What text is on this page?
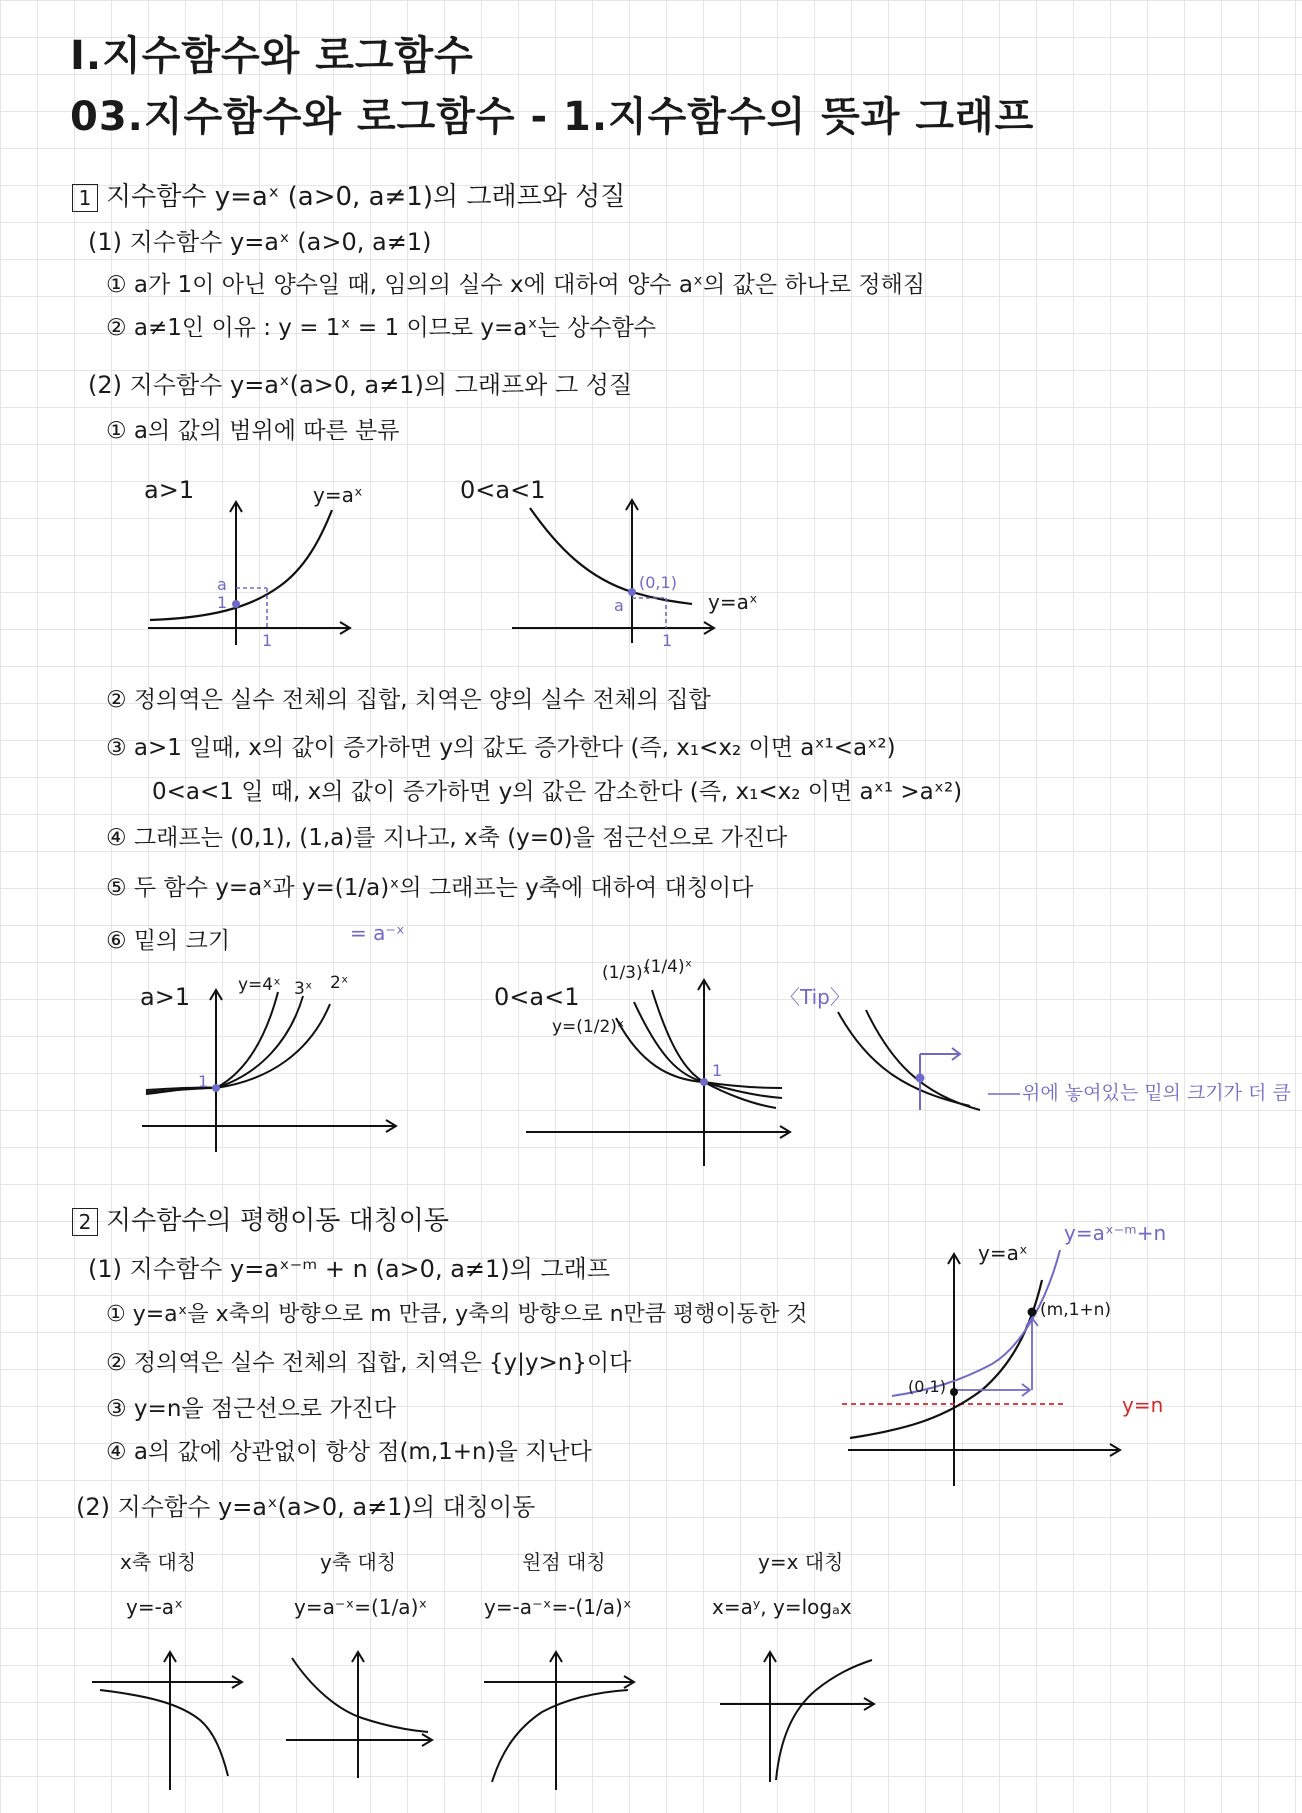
Ⅰ.지수함수와 로그함수
03.지수함수와 로그함수 - 1.지수함수의 뜻과 그래프
1 지수함수 y=aˣ (a>0, a≠1)의 그래프와 성질
(1) 지수함수 y=aˣ (a>0, a≠1)
① a가 1이 아닌 양수일 때, 임의의 실수 x에 대하여 양수 aˣ의 값은 하나로 정해짐
② a≠1인 이유 : y = 1ˣ = 1 이므로 y=aˣ는 상수함수
(2) 지수함수 y=aˣ(a>0, a≠1)의 그래프와 그 성질
① a의 값의 범위에 따른 분류
a>1	y=aˣ
a
1
1
0<a<1
(0,1)
a
1
y=aˣ
② 정의역은 실수 전체의 집합, 치역은 양의 실수 전체의 집합
③ a>1 일때, x의 값이 증가하면 y의 값도 증가한다 (즉, x₁<x₂ 이면 aˣ¹<aˣ²)
0<a<1 일 때, x의 값이 증가하면 y의 값은 감소한다 (즉, x₁<x₂ 이면 aˣ¹ >aˣ²)
④ 그래프는 (0,1), (1,a)를 지나고, x축 (y=0)을 점근선으로 가진다
⑤ 두 함수 y=aˣ과 y=(1/a)ˣ의 그래프는 y축에 대하여 대칭이다
= a⁻ˣ
⑥ 밑의 크기
a>1	y=4ˣ 3ˣ 2ˣ
1
0<a<1
(1/3)ˣ
(1/4)ˣ
y=(1/2)ˣ
1
〈Tip〉
위에 놓여있는 밑의 크기가 더 큼
2 지수함수의 평행이동 대칭이동
(1) 지수함수 y=aˣ⁻ᵐ + n (a>0, a≠1)의 그래프
① y=aˣ을 x축의 방향으로 m 만큼, y축의 방향으로 n만큼 평행이동한 것
② 정의역은 실수 전체의 집합, 치역은 {y|y>n}이다
③ y=n을 점근선으로 가진다
④ a의 값에 상관없이 항상 점(m,1+n)을 지난다
y=aˣ
y=aˣ⁻ᵐ+n
(0,1)
(m,1+n)
y=n
(2) 지수함수 y=aˣ(a>0, a≠1)의 대칭이동
x축 대칭
y=-aˣ
y축 대칭
y=a⁻ˣ=(1/a)ˣ
원점 대칭
y=-a⁻ˣ=-(1/a)ˣ
y=x 대칭
x=aʸ, y=logₐx
